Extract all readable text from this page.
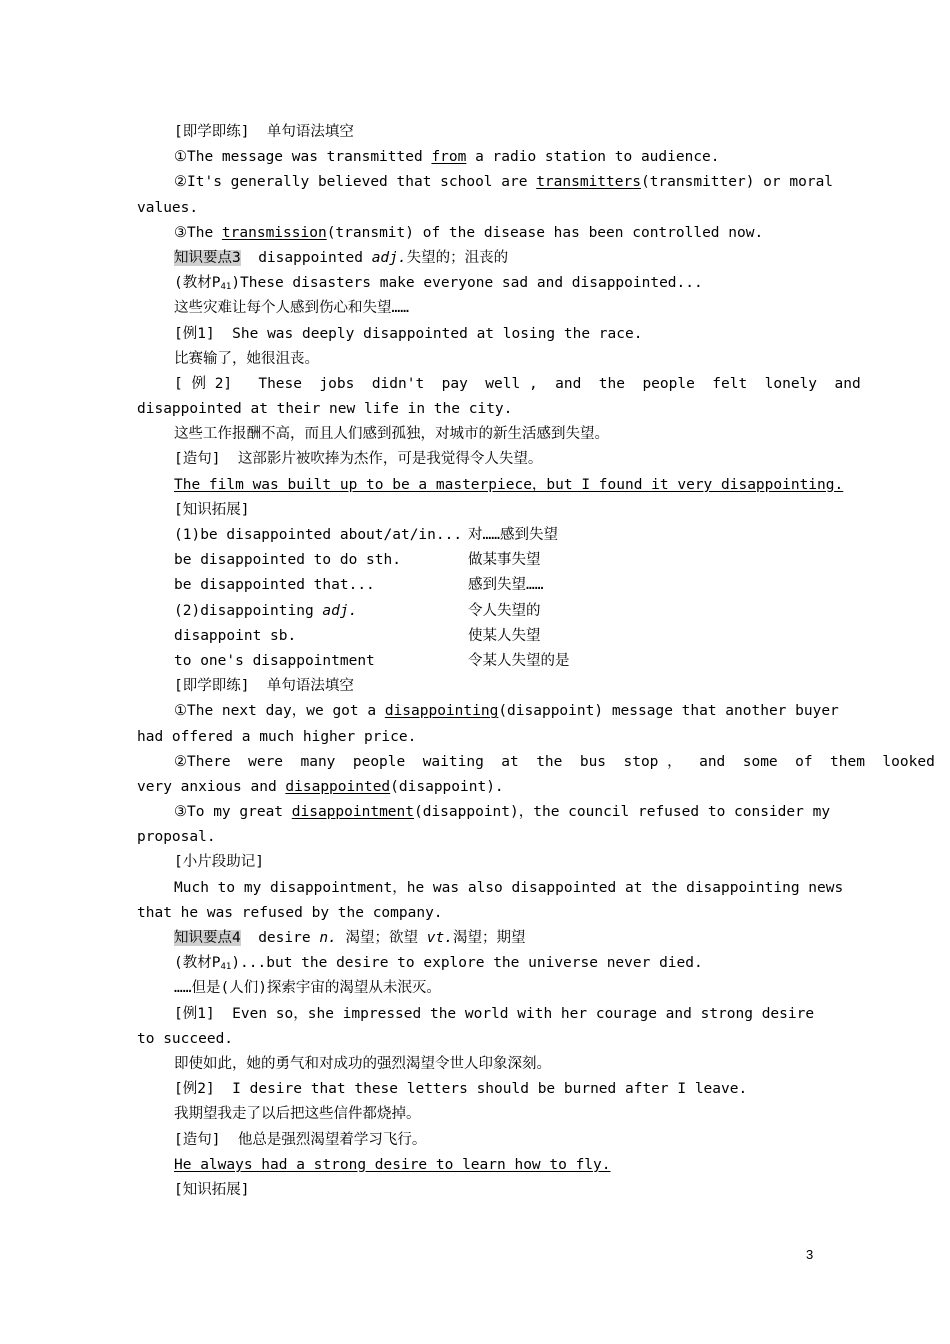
[即学即练]  单句语法填空
①The message was transmitted from a radio station to audience.
②It's generally believed that school are transmitters(transmitter) or moral
values.
③The transmission(transmit) of the disease has been controlled now.
知识要点3  disappointed adj.失望的；沮丧的
(教材$P_{41})These$ disasters make everyone sad and disappointed...
这些灾难让每个人感到伤心和失望……
[例1]  She was deeply disappointed at losing the race.
比赛输了，她很沮丧。
[ 例 2]   These  jobs  didn't  pay  well ,  and  the  people  felt  lonely  and
disappointed at their new life in the city.
这些工作报酬不高，而且人们感到孤独，对城市的新生活感到失望。
[造句]  这部影片被吹捧为杰作，可是我觉得令人失望。
The film was built up to be a masterpiece，but I found it very disappointing.
[知识拓展]
(1)be disappointed about/at/in... 对……感到失望
be disappointed to do sth.	做某事失望
be disappointed that...	感到失望……
(2)disappointing adj.	令人失望的
disappoint sb.	使某人失望
to one's disappointment	令某人失望的是
[即学即练]  单句语法填空
①The next day，we got a disappointing(disappoint) message that another buyer
had offered a much higher price.
②There  were  many  people  waiting  at  the  bus  stop ，  and  some  of  them  looked
very anxious and disappointed(disappoint).
③To my great disappointment(disappoint)，the council refused to consider my
proposal.
[小片段助记]
Much to my disappointment，he was also disappointed at the disappointing news
that he was refused by the company.
知识要点4  desire n. 渴望；欲望 vt.渴望；期望
(教材$P_{41})...but$ the desire to explore the universe never died.
……但是(人们)探索宇宙的渴望从未泯灭。
[例1]  Even so，she impressed the world with her courage and strong desire
to succeed.
即使如此，她的勇气和对成功的强烈渴望令世人印象深刻。
[例2]  I desire that these letters should be burned after I leave.
我期望我走了以后把这些信件都烧掉。
[造句]  他总是强烈渴望着学习飞行。
He always had a strong desire to learn how to fly.
[知识拓展]
3
